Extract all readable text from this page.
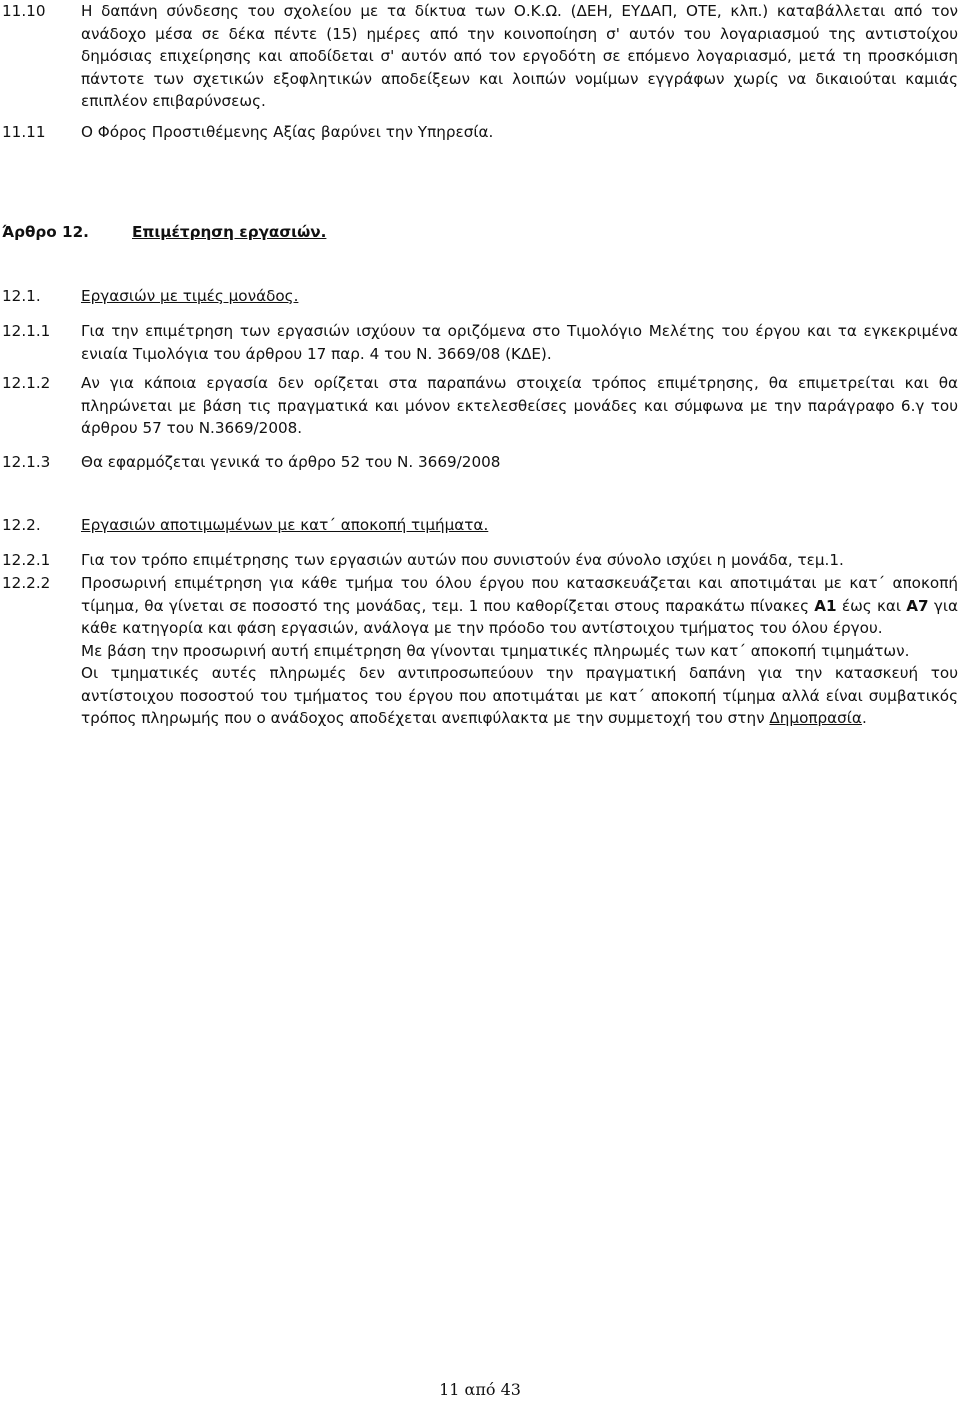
11.10 Η δαπάνη σύνδεσης του σχολείου με τα δίκτυα των Ο.Κ.Ω. (ΔΕΗ, ΕΥΔΑΠ, ΟΤΕ, κλπ.) καταβάλλεται από τον ανάδοχο μέσα σε δέκα πέντε (15) ημέρες από την κοινοποίηση σ' αυτόν του λογαριασμού της αντιστοίχου δημόσιας επιχείρησης και αποδίδεται σ' αυτόν από τον εργοδότη σε επόμενο λογαριασμό, μετά τη προσκόμιση πάντοτε των σχετικών εξοφλητικών αποδείξεων και λοιπών νομίμων εγγράφων χωρίς να δικαιούται καμιάς επιπλέον επιβαρύνσεως.
11.11 Ο Φόρος Προστιθέμενης Αξίας βαρύνει την Υπηρεσία.
Άρθρο 12.	Επιμέτρηση εργασιών.
12.1.	Εργασιών με τιμές μονάδος.
12.1.1 Για την επιμέτρηση των εργασιών ισχύουν τα οριζόμενα στο Τιμολόγιο Μελέτης του έργου και τα εγκεκριμένα ενιαία Τιμολόγια του άρθρου 17 παρ. 4 του Ν. 3669/08 (ΚΔΕ).
12.1.2 Αν για κάποια εργασία δεν ορίζεται στα παραπάνω στοιχεία τρόπος επιμέτρησης, θα επιμετρείται και θα πληρώνεται με βάση τις πραγματικά και μόνον εκτελεσθείσες μονάδες και σύμφωνα με την παράγραφο 6.γ του άρθρου 57 του Ν.3669/2008.
12.1.3 Θα εφαρμόζεται γενικά το άρθρο 52 του Ν. 3669/2008
12.2.	Εργασιών αποτιμωμένων με κατ΄ αποκοπή τιμήματα.
12.2.1 Για τον τρόπο επιμέτρησης των εργασιών αυτών που συνιστούν ένα σύνολο ισχύει η μονάδα, τεμ.1.
12.2.2 Προσωρινή επιμέτρηση για κάθε τμήμα του όλου έργου που κατασκευάζεται και αποτιμάται με κατ΄ αποκοπή τίμημα, θα γίνεται σε ποσοστό της μονάδας, τεμ. 1 που καθορίζεται στους παρακάτω πίνακες Α1 έως και Α7 για κάθε κατηγορία και φάση εργασιών, ανάλογα με την πρόοδο του αντίστοιχου τμήματος του όλου έργου.
Με βάση την προσωρινή αυτή επιμέτρηση θα γίνονται τμηματικές πληρωμές των κατ΄ αποκοπή τιμημάτων.
Οι τμηματικές αυτές πληρωμές δεν αντιπροσωπεύουν την πραγματική δαπάνη για την κατασκευή του αντίστοιχου ποσοστού του τμήματος του έργου που αποτιμάται με κατ΄ αποκοπή τίμημα αλλά είναι συμβατικός τρόπος πληρωμής που ο ανάδοχος αποδέχεται ανεπιφύλακτα με την συμμετοχή του στην Δημοπρασία.
11 από 43
